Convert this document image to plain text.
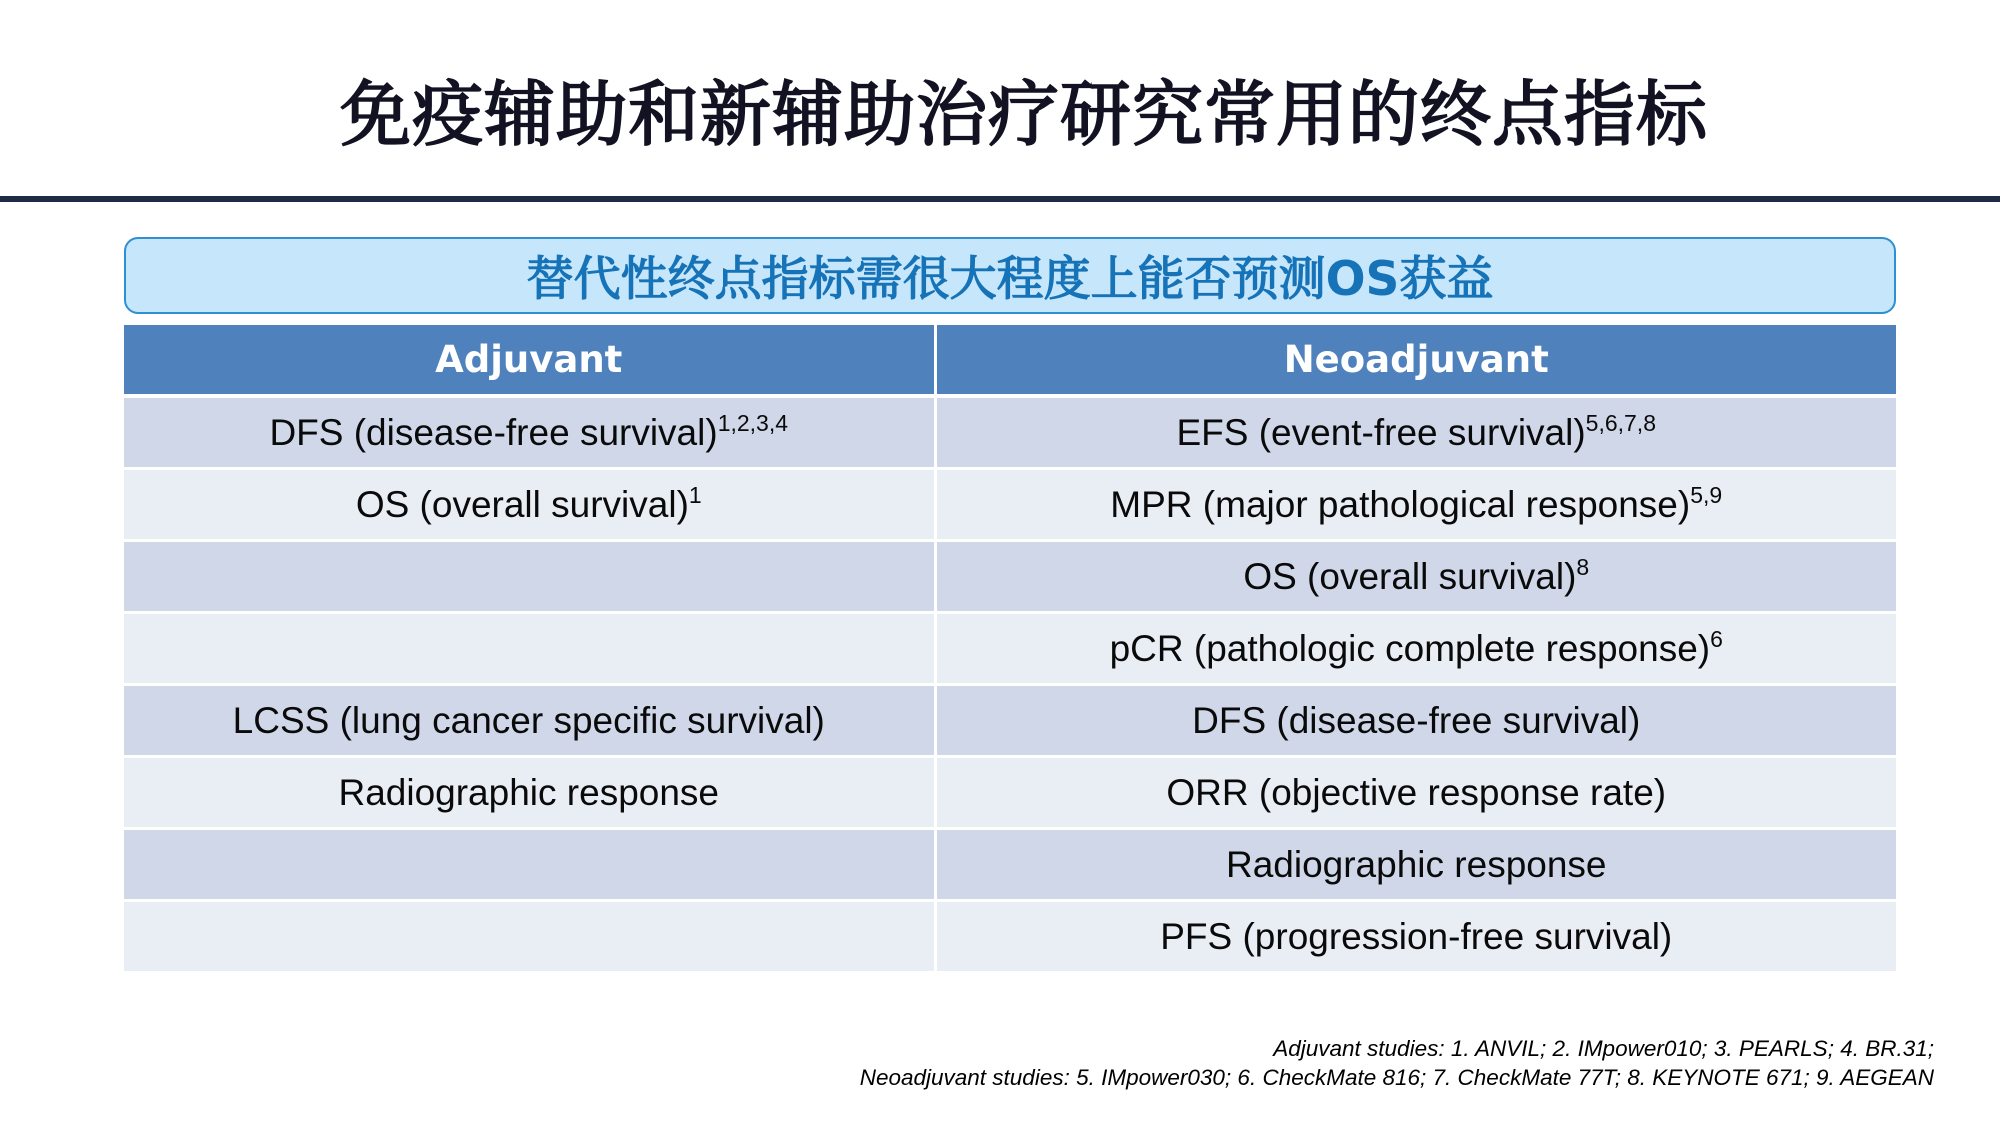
免疫辅助和新辅助治疗研究常用的终点指标
替代性终点指标需很大程度上能否预测OS获益
Adjuvant	Neoadjuvant
DFS (disease-free survival)$^{1,2,3,4}$	EFS (event-free survival)$^{5,6,7,8}$
OS (overall survival)$^1$	MPR (major pathological response)$^{5,9}$
	OS (overall survival)$^8$
	pCR (pathologic complete response)$^6$
LCSS (lung cancer specific survival)	DFS (disease-free survival)
Radiographic response	ORR (objective response rate)
	Radiographic response
	PFS (progression-free survival)
Adjuvant studies: 1. ANVIL; 2. IMpower010; 3. PEARLS; 4. BR.31;
Neoadjuvant studies: 5. IMpower030; 6. CheckMate 816; 7. CheckMate 77T; 8. KEYNOTE 671; 9. AEGEAN
